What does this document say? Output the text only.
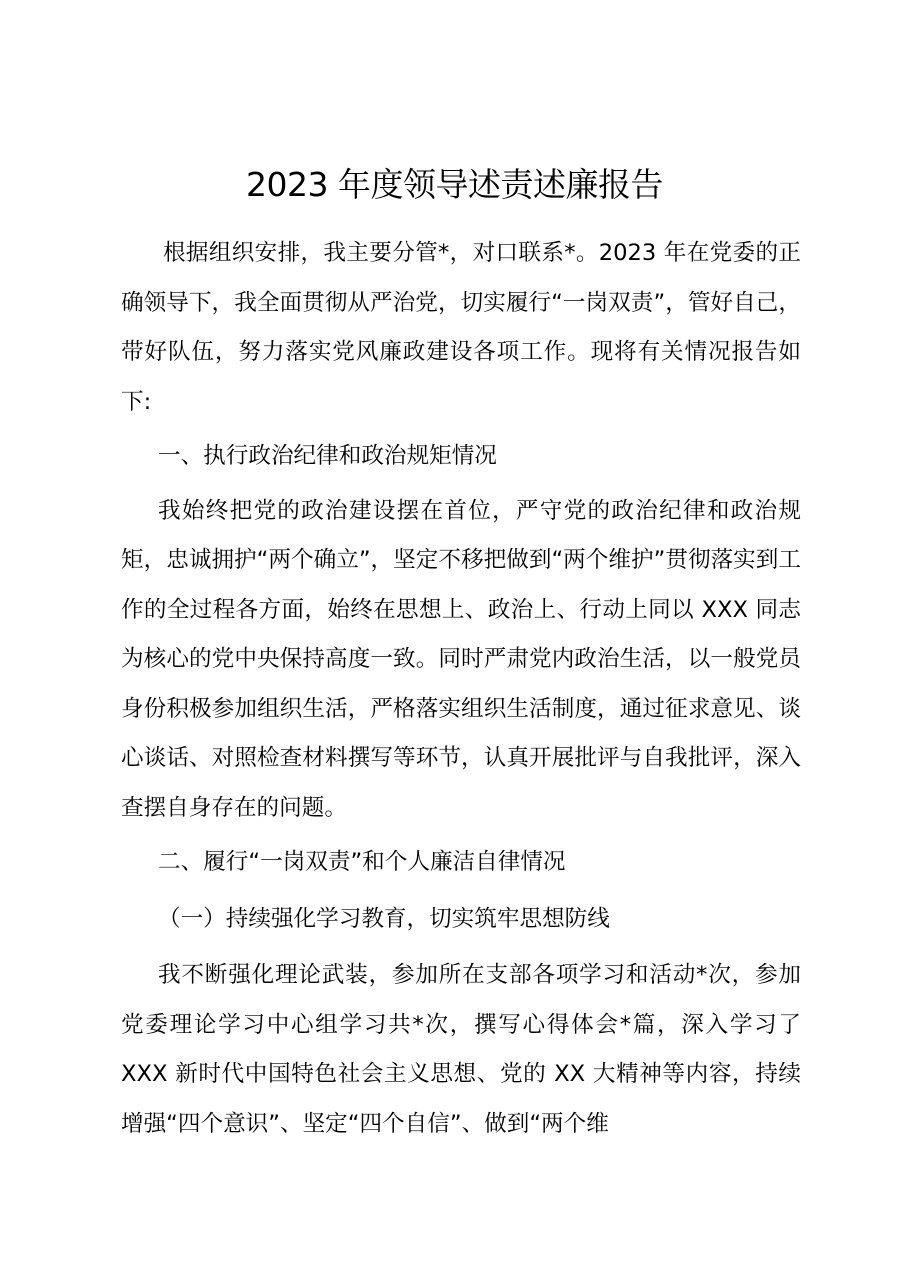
2023 年度领导述责述廉报告

根据组织安排，我主要分管*，对口联系*。2023 年在党委的正确领导下，我全面贯彻从严治党，切实履行“一岗双责”，管好自己，带好队伍，努力落实党风廉政建设各项工作。现将有关情况报告如下:

一、执行政治纪律和政治规矩情况

我始终把党的政治建设摆在首位，严守党的政治纪律和政治规矩，忠诚拥护“两个确立”，坚定不移把做到“两个维护”贯彻落实到工作的全过程各方面，始终在思想上、政治上、行动上同以 XXX 同志为核心的党中央保持高度一致。同时严肃党内政治生活，以一般党员身份积极参加组织生活，严格落实组织生活制度，通过征求意见、谈心谈话、对照检查材料撰写等环节，认真开展批评与自我批评，深入查摆自身存在的问题。

二、履行“一岗双责”和个人廉洁自律情况

（一）持续强化学习教育，切实筑牢思想防线

我不断强化理论武装，参加所在支部各项学习和活动*次，参加党委理论学习中心组学习共*次，撰写心得体会*篇，深入学习了 XXX 新时代中国特色社会主义思想、党的 XX 大精神等内容，持续增强“四个意识”、坚定“四个自信”、做到“两个维
